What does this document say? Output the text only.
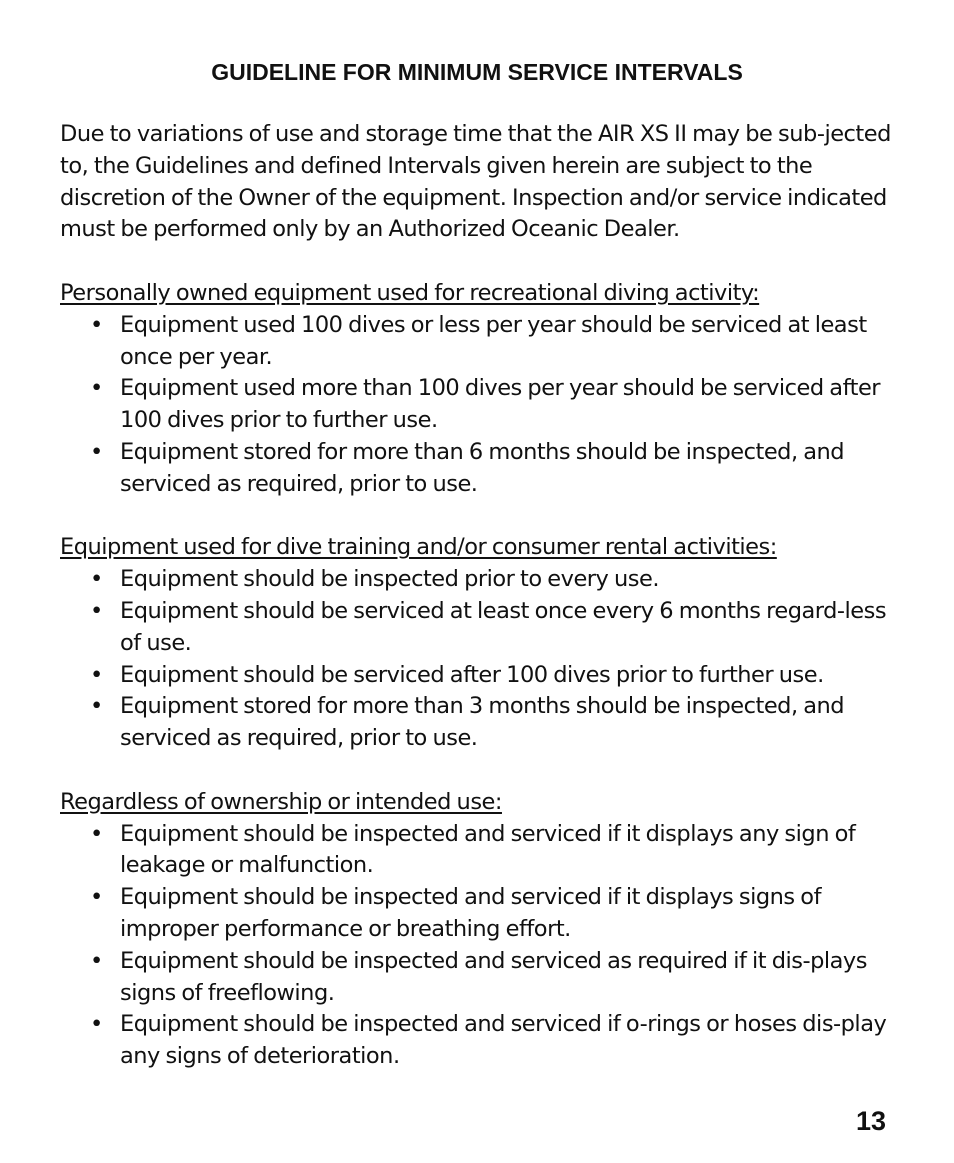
GUIDELINE FOR MINIMUM SERVICE INTERVALS

Due to variations of use and storage time that the AIR XS II may be sub-jected to, the Guidelines and defined Intervals given herein are subject to the discretion of the Owner of the equipment. Inspection and/or service indicated must be performed only by an Authorized Oceanic Dealer.

Personally owned equipment used for recreational diving activity:

• Equipment used 100 dives or less per year should be serviced at least once per year.
• Equipment used more than 100 dives per year should be serviced after 100 dives prior to further use.
• Equipment stored for more than 6 months should be inspected, and serviced as required, prior to use.

Equipment used for dive training and/or consumer rental activities:

• Equipment should be inspected prior to every use.
• Equipment should be serviced at least once every 6 months regard-less of use.
• Equipment should be serviced after 100 dives prior to further use.
• Equipment stored for more than 3 months should be inspected, and serviced as required, prior to use.

Regardless of ownership or intended use:

• Equipment should be inspected and serviced if it displays any sign of leakage or malfunction.
• Equipment should be inspected and serviced if it displays signs of improper performance or breathing effort.
• Equipment should be inspected and serviced as required if it dis-plays signs of freeflowing.
• Equipment should be inspected and serviced if o-rings or hoses dis-play any signs of deterioration.
13
